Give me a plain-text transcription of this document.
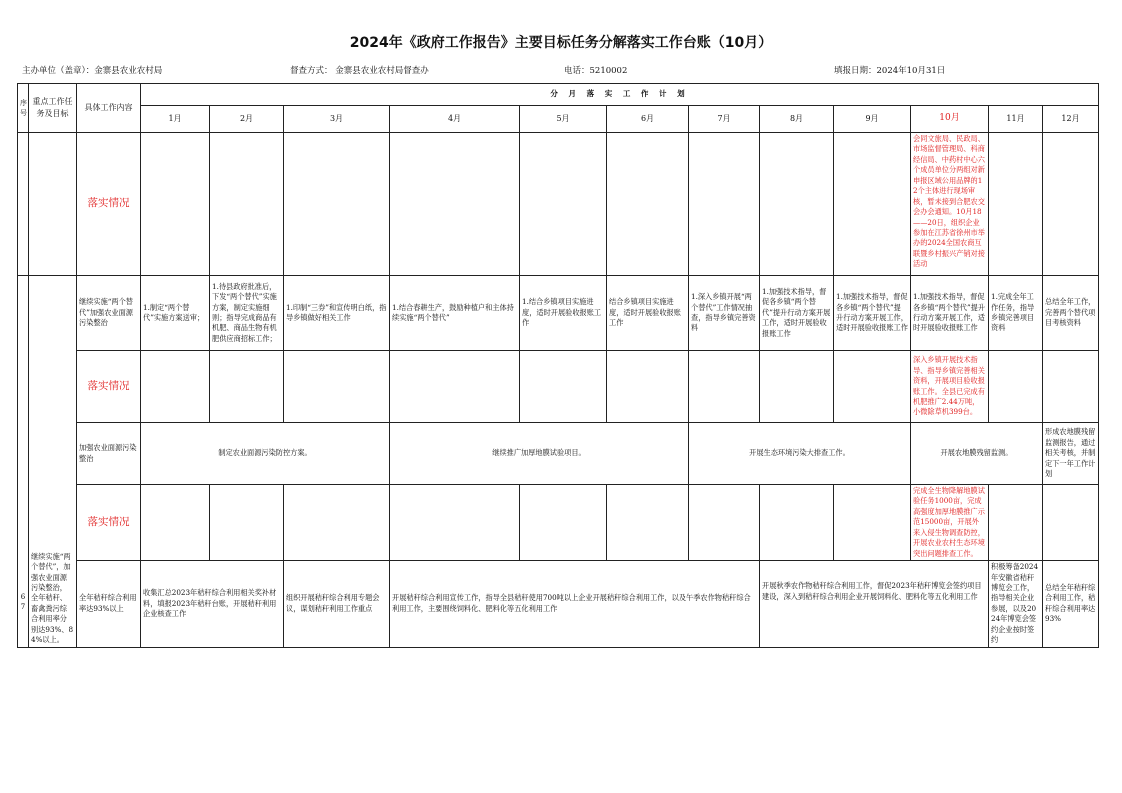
2024年《政府工作报告》主要目标任务分解落实工作台账（10月）
主办单位（盖章）：金寨县农业农村局	督查方式： 金寨县农业农村局督查办	电话：5210002	填报日期：2024年10月31日
序号	重点工作任务及目标	具体工作内容	分 月 落 实 工 作 计 划											
			1月	2月	3月	4月	5月	6月	7月	8月	9月	10月	11月	12月
		落实情况										会同文旅局、民政局、市场监督管理局、科商经信局、中药村中心六个成员单位分两组对新申报区域公用品牌的12个主体进行现场审核，暂未接到合肥农交会办会通知。10月18——20日，组织企业参加在江苏省徐州市举办的2024全国农商互联暨乡村振兴产销对接活动		
67	继续实施“两个替代”，加强农业面源污染整治，全年秸秆、畜禽粪污综合利用率分别达93%、84%以上。	继续实施“两个替代”加强农业面源污染整治	1.制定“两个替代”实施方案送审；	1.待县政府批准后，下发“两个替代”实施方案，制定实施细则；指导完成商品有机肥、商品生物有机肥供应商招标工作；	1.印制“三券”和宣传明白纸，指导乡镇做好相关工作	1.结合春耕生产，鼓励种植户和主体持续实施“两个替代”	1.结合乡镇项目实施进度，适时开展验收报账工作	结合乡镇项目实施进度，适时开展验收报账工作	1.深入乡镇开展“两个替代”工作情况抽查，指导乡镇完善资料	1.加强技术指导，督促各乡镇“两个替代”提升行动方案开展工作，适时开展验收报账工作	1.加强技术指导，督促各乡镇“两个替代”提升行动方案开展工作，适时开展验收报账工作	1.加强技术指导，督促各乡镇“两个替代”提升行动方案开展工作，适时开展验收报账工作	1.完成全年工作任务，指导乡镇完善项目资料	总结全年工作，完善两个替代项目考核资料
		落实情况										深入乡镇开展技术指导、指导乡镇完善相关资料，开展项目验收报账工作。全县已完成有机肥推广2.44万吨，小微除草机399台。		
		加强农业面源污染整治	制定农业面源污染防控方案。			继续推广加厚地膜试验项目。			开展生态环境污染大排查工作。			开展农地膜残留监测。		形成农地膜残留监测报告，通过相关考核，并制定下一年工作计划
		落实情况										完成全生物降解地膜试验任务1000亩，完成高强度加厚地膜推广示范15000亩，开展外来入侵生物调查防控，开展农业农村生态环境突出问题排查工作。		
		全年秸秆综合利用率达93%以上	收集汇总2023年秸秆综合利用相关奖补材料，填报2023年秸秆台账，开展秸秆利用企业核查工作		组织开展秸秆综合利用专题会议，谋划秸秆利用工作重点	开展秸秆综合利用宣传工作，指导全县秸秆使用700吨以上企业开展秸秆综合利用工作，以及午季农作物秸秆综合利用工作，主要围绕饲料化、肥料化等五化利用工作				开展秋季农作物秸秆综合利用工作，督促2023年秸秆博览会签约项目建设，深入到秸秆综合利用企业开展饲料化、肥料化等五化利用工作			积极筹备2024年安徽省秸秆博览会工作，指导相关企业参展，以及2024年博览会签约企业按时签约	总结全年秸秆综合利用工作，秸秆综合利用率达93%
